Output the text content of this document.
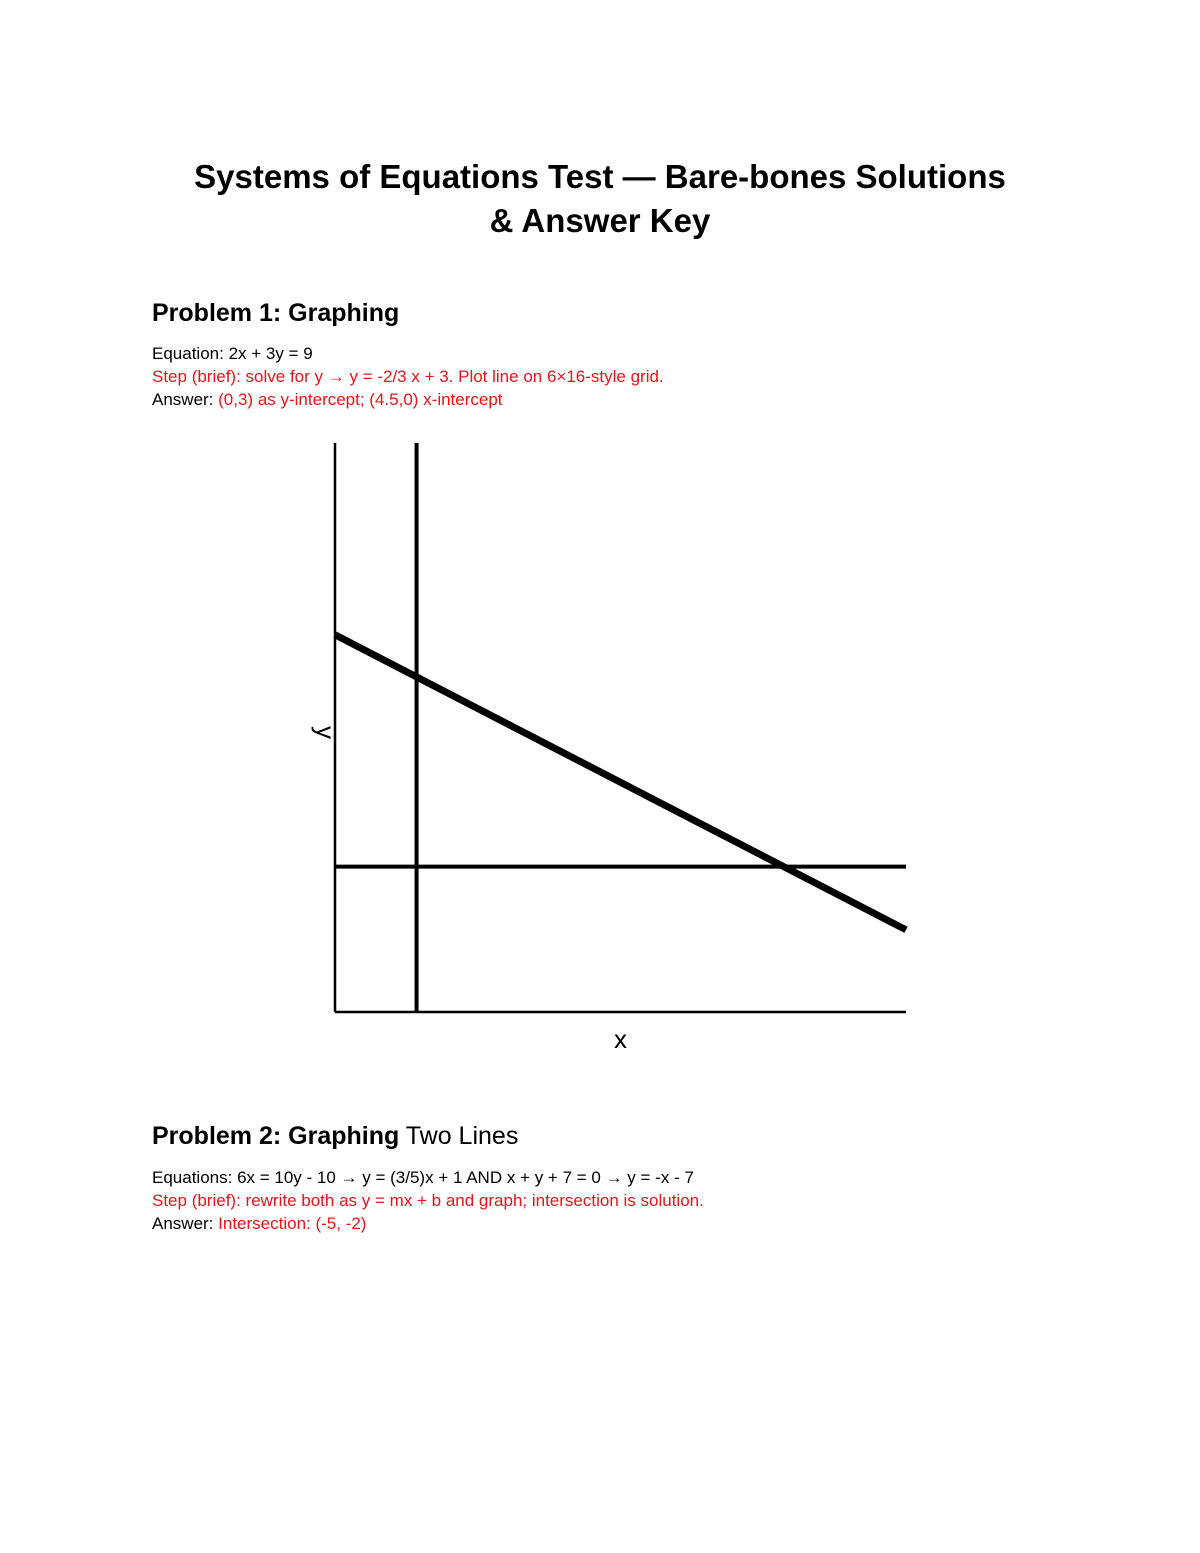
Systems of Equations Test — Bare-bones Solutions
& Answer Key
Problem 1: Graphing
Equation: 2x + 3y = 9
Step (brief): solve for y → y = -2/3 x + 3. Plot line on 6×16-style grid.
Answer: (0,3) as y-intercept; (4.5,0) x-intercept
x
y
Problem 2: Graphing Two Lines
Equations: 6x = 10y - 10 → y = (3/5)x + 1 AND x + y + 7 = 0 → y = -x - 7
Step (brief): rewrite both as y = mx + b and graph; intersection is solution.
Answer: Intersection: (-5, -2)
